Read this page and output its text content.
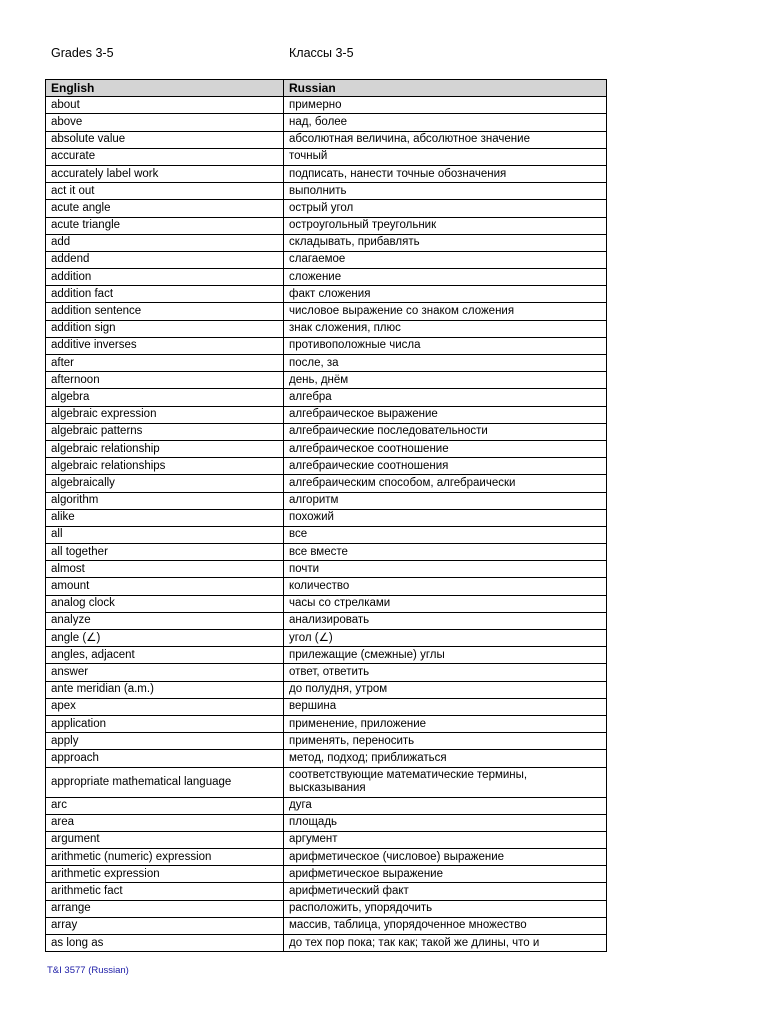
Grades 3-5	Классы 3-5
English	Russian
about	примерно
above	над, более
absolute value	абсолютная величина, абсолютное значение
accurate	точный
accurately label work	подписать, нанести точные обозначения
act it out	выполнить
acute angle	острый угол
acute triangle	остроугольный треугольник
add	складывать, прибавлять
addend	слагаемое
addition	сложение
addition fact	факт сложения
addition sentence	числовое выражение со знаком сложения
addition sign	знак сложения, плюс
additive inverses	противоположные числа
after	после, за
afternoon	день, днём
algebra	алгебра
algebraic expression	алгебраическое выражение
algebraic patterns	алгебраические последовательности
algebraic relationship	алгебраическое соотношение
algebraic relationships	алгебраические соотношения
algebraically	алгебраическим способом, алгебраически
algorithm	алгоритм
alike	похожий
all	все
all together	все вместе
almost	почти
amount	количество
analog clock	часы со стрелками
analyze	анализировать
angle (∠)	угол (∠)
angles, adjacent	прилежащие (смежные) углы
answer	ответ, ответить
ante meridian (a.m.)	до полудня, утром
apex	вершина
application	применение, приложение
apply	применять, переносить
approach	метод, подход; приближаться
appropriate mathematical language	соответствующие математические термины, высказывания
arc	дуга
area	площадь
argument	аргумент
arithmetic (numeric) expression	арифметическое (числовое) выражение
arithmetic expression	арифметическое выражение
arithmetic fact	арифметический факт
arrange	расположить, упорядочить
array	массив, таблица, упорядоченное множество
as long as	до тех пор пока; так как; такой же длины, что и
T&I 3577 (Russian)
